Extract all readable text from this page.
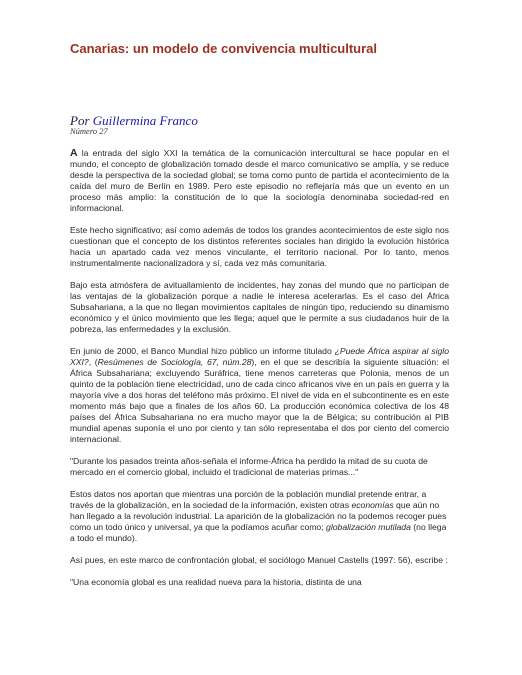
Canarias: un modelo de convivencia multicultural
Por Guillermina Franco
Número 27

A la entrada del siglo XXI la temática de la comunicación intercultural se hace popular en el mundo, el concepto de globalización tomado desde el marco comunicativo se amplía, y se reduce desde la perspectiva de la sociedad global; se toma como punto de partida el acontecimiento de la caída del muro de Berlín en 1989. Pero este episodio no reflejaría más que un evento en un proceso más amplio: la constitución de lo que la sociología denominaba sociedad-red en informacional.

Este hecho significativo; así como además de todos los grandes acontecimientos de este siglo nos cuestionan que el concepto de los distintos referentes sociales han dirigido la evolución histórica hacia un apartado cada vez menos vinculante, el territorio nacional. Por lo tanto, menos instrumentalmente nacionalizadora y sí, cada vez más comunitaria.

Bajo esta atmósfera de avituallamiento de incidentes, hay zonas del mundo que no participan de las ventajas de la globalización porque a nadie le interesa acelerarlas. Es el caso del África Subsahariana, a la que no llegan movimientos capitales de ningún tipo, reduciendo su dinamismo económico y el único movimiento que les llega; aquel que le permite a sus ciudadanos huir de la pobreza, las enfermedades y la exclusión.

En junio de 2000, el Banco Mundial hizo público un informe titulado ¿Puede África aspirar al siglo XXI?, (Resúmenes de Sociología, 67, núm.28), en el que se describía la siguiente situación: el África Subsahariana; excluyendo Suráfrica, tiene menos carreteras que Polonia, menos de un quinto de la población tiene electricidad, uno de cada cinco africanos vive en un país en guerra y la mayoría vive a dos horas del teléfono más próximo. El nivel de vida en el subcontinente es en este momento más bajo que a finales de los años 60. La producción económica colectiva de los 48 países del África Subsahariana no era mucho mayor que la de Bélgica; su contribución al PIB mundial apenas suponía el uno por ciento y tan sólo representaba el dos por ciento del comercio internacional.

"Durante los pasados treinta años-señala el informe-África ha perdido la mitad de su cuota de mercado en el comercio global, incluido el tradicional de materias primas..."

Estos datos nos aportan que mientras una porción de la población mundial pretende entrar, a través de la globalización, en la sociedad de la información, existen otras economías que aún no han llegado a la revolución industrial. La aparición de la globalización no la podemos recoger pues como un todo único y universal, ya que la podíamos acuñar como; globalización mutilada (no llega a todo el mundo).

Así pues, en este marco de confrontación global, el sociólogo Manuel Castells (1997: 56), escribe :

"Una economía global es una realidad nueva para la historia, distinta de una
